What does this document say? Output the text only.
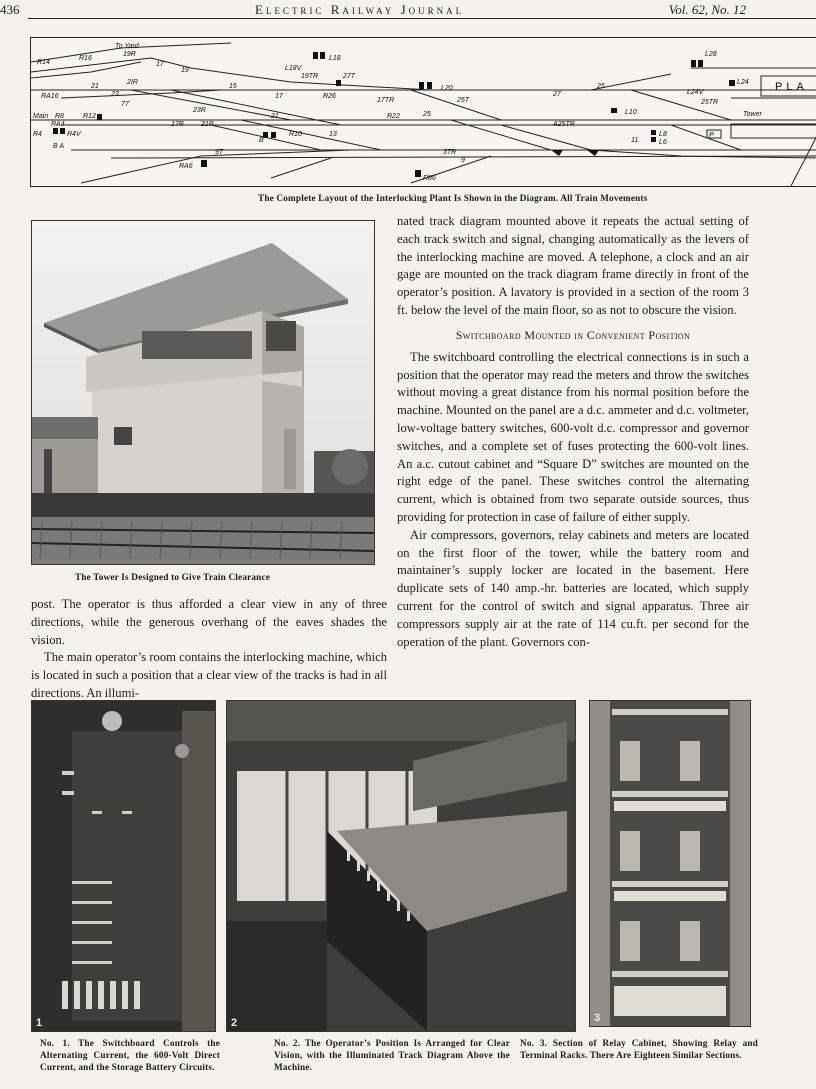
436	Electric Railway Journal	Vol. 62, No. 12
To Yard
R14
R16
19R
17
19
RA16	23
21
2IR
Main R8
R4
R12
77
17R 21R
23R
RA4
R4V
B A
L18
L18V
19TR	27T
15
17	R26
21
R10
B
13
R22	25
17TR
L20
25T
9
3TR
RA6
9T
R86
L28
L24
L24V
25TR
27
25
L10
A25TR
L8
L6
11
PLA
Tower
P
The Complete Layout of the Interlocking Plant Is Shown in the Diagram. All Train Movements
The Tower Is Designed to Give Train Clearance

post. The operator is thus afforded a clear view in any of three directions, while the generous overhang of the eaves shades the vision.

The main operator’s room contains the interlocking machine, which is located in such a position that a clear view of the tracks is had in all directions. An illumi-

nated track diagram mounted above it repeats the actual setting of each track switch and signal, changing automatically as the levers of the interlocking machine are moved. A telephone, a clock and an air gage are mounted on the track diagram frame directly in front of the operator’s position. A lavatory is provided in a section of the room 3 ft. below the level of the main floor, so as not to obscure the vision.

Switchboard Mounted in Convenient Position

The switchboard controlling the electrical connections is in such a position that the operator may read the meters and throw the switches without moving a great distance from his normal position before the machine. Mounted on the panel are a d.c. ammeter and d.c. voltmeter, low-voltage battery switches, 600-volt d.c. compressor and governor switches, and a complete set of fuses protecting the 600-volt lines. An a.c. cutout cabinet and “Square D” switches are mounted on the right edge of the panel. These switches control the alternating current, which is obtained from two separate outside sources, thus providing for protection in case of failure of either supply.

Air compressors, governors, relay cabinets and meters are located on the first floor of the tower, while the battery room and maintainer’s supply locker are located in the basement. Here duplicate sets of 140 amp.-hr. batteries are located, which supply current for the control of switch and signal apparatus. Three air compressors supply air at the rate of 114 cu.ft. per second for the operation of the plant. Governors con-

1	2	3
No. 1. The Switchboard Controls the Alternating Current, the 600-Volt Direct Current, and the Storage Battery Circuits.
No. 2. The Operator’s Position Is Arranged for Clear Vision, with the Illuminated Track Diagram Above the Machine.
No. 3. Section of Relay Cabinet, Showing Relay and Terminal Racks. There Are Eighteen Similar Sections.
